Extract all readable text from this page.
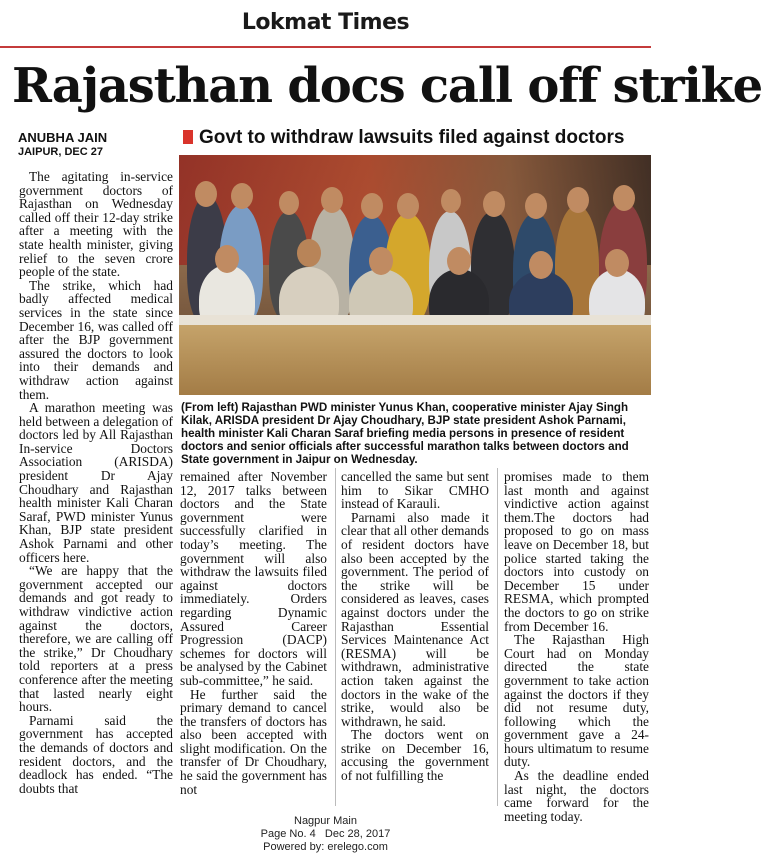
Lokmat Times
Rajasthan docs call off strike
ANUBHA JAIN
JAIPUR, DEC 27
Govt to withdraw lawsuits filed against doctors
(From left) Rajasthan PWD minister Yunus Khan, cooperative minister Ajay Singh Kilak, ARISDA president Dr Ajay Choudhary, BJP state president Ashok Parnami, health minister Kali Charan Saraf briefing media persons in presence of resident doctors and senior officials after successful marathon talks between doctors and State government in Jaipur on Wednesday.

The agitating in-service government doctors of Rajasthan on Wednesday called off their 12-day strike after a meeting with the state health minister, giving relief to the seven crore people of the state.

The strike, which had badly affected medical services in the state since December 16, was called off after the BJP government assured the doctors to look into their demands and withdraw action against them.

A marathon meeting was held between a delegation of doctors led by All Rajasthan In-service Doctors Association (ARISDA) president Dr Ajay Choudhary and Rajasthan health minister Kali Charan Saraf, PWD minister Yunus Khan, BJP state president Ashok Parnami and other officers here.

“We are happy that the government accepted our demands and got ready to withdraw vindictive action against the doctors, therefore, we are calling off the strike,” Dr Choudhary told reporters at a press conference after the meeting that lasted nearly eight hours.

Parnami said the government has accepted the demands of doctors and resident doctors, and the deadlock has ended. “The doubts that

remained after November 12, 2017 talks between doctors and the State government were successfully clarified in today’s meeting. The government will also withdraw the lawsuits filed against doctors immediately. Orders regarding Dynamic Assured Career Progression (DACP) schemes for doctors will be analysed by the Cabinet sub-committee,” he said.

He further said the primary demand to cancel the transfers of doctors has also been accepted with slight modification. On the transfer of Dr Choudhary, he said the government has not

cancelled the same but sent him to Sikar CMHO instead of Karauli.

Parnami also made it clear that all other demands of resident doctors have also been accepted by the government. The period of the strike will be considered as leaves, cases against doctors under the Rajasthan Essential Services Maintenance Act (RESMA) will be withdrawn, administrative action taken against the doctors in the wake of the strike, would also be withdrawn, he said.

The doctors went on strike on December 16, accusing the government of not fulfilling the

promises made to them last month and against vindictive action against them.The doctors had proposed to go on mass leave on December 18, but police started taking the doctors into custody on December 15 under RESMA, which prompted the doctors to go on strike from December 16.

The Rajasthan High Court had on Monday directed the state government to take action against the doctors if they did not resume duty, following which the government gave a 24-hours ultimatum to resume duty.

As the deadline ended last night, the doctors came forward for the meeting today.

Nagpur Main
Page No. 4 Dec 28, 2017
Powered by: erelego.com
